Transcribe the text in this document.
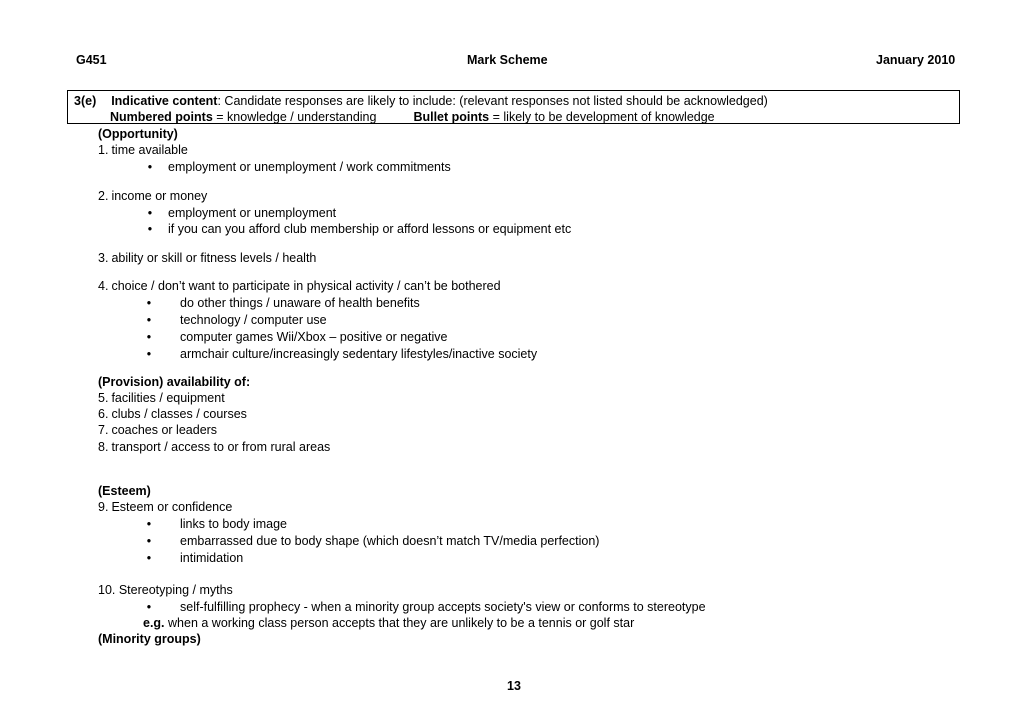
G451	Mark Scheme	January 2010
3(e) Indicative content: Candidate responses are likely to include: (relevant responses not listed should be acknowledged)
Numbered points = knowledge / understanding	Bullet points = likely to be development of knowledge
(Opportunity)
1. time available
•	employment or unemployment / work commitments
2. income or money
•	employment or unemployment
•	if you can you afford club membership or afford lessons or equipment etc
3. ability or skill or fitness levels / health
4. choice / don’t want to participate in physical activity / can’t be bothered
•	do other things / unaware of health benefits
•	technology / computer use
•	computer games Wii/Xbox – positive or negative
•	armchair culture/increasingly sedentary lifestyles/inactive society
(Provision) availability of:
5. facilities / equipment
6. clubs / classes / courses
7. coaches or leaders
8. transport / access to or from rural areas
(Esteem)
9. Esteem or confidence
•	links to body image
•	embarrassed due to body shape (which doesn’t match TV/media perfection)
•	intimidation
10. Stereotyping / myths
•	self-fulfilling prophecy - when a minority group accepts society's view or conforms to stereotype
e.g. when a working class person accepts that they are unlikely to be a tennis or golf star
(Minority groups)
13
